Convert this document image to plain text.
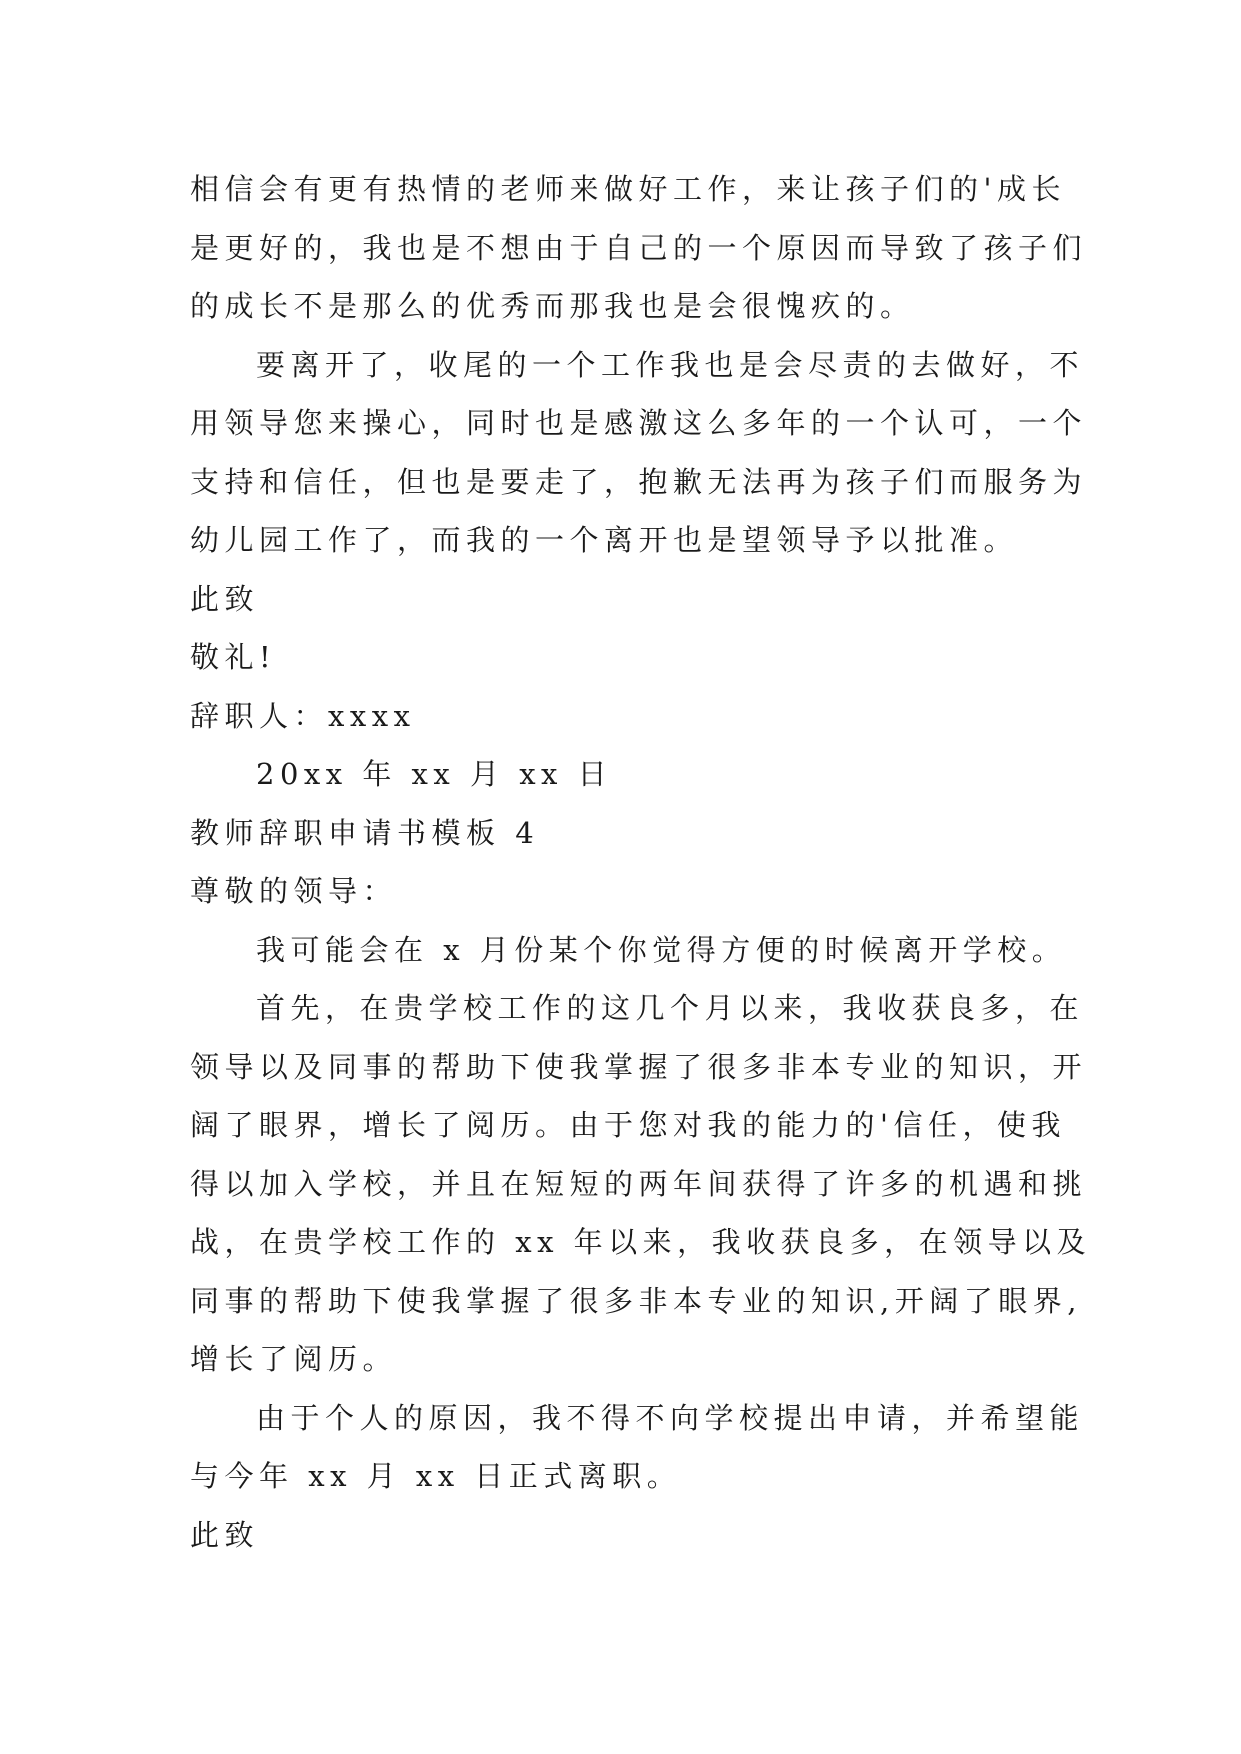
相信会有更有热情的老师来做好工作，来让孩子们的'成长

是更好的，我也是不想由于自己的一个原因而导致了孩子们

的成长不是那么的优秀而那我也是会很愧疚的。

要离开了，收尾的一个工作我也是会尽责的去做好，不

用领导您来操心，同时也是感激这么多年的一个认可，一个

支持和信任，但也是要走了，抱歉无法再为孩子们而服务为

幼儿园工作了，而我的一个离开也是望领导予以批准。

此致

敬礼!

辞职人：xxxx

20xx 年 xx 月 xx 日

教师辞职申请书模板 4

尊敬的领导：

我可能会在 x 月份某个你觉得方便的时候离开学校。

首先，在贵学校工作的这几个月以来，我收获良多，在

领导以及同事的帮助下使我掌握了很多非本专业的知识，开

阔了眼界，增长了阅历。由于您对我的能力的'信任，使我

得以加入学校，并且在短短的两年间获得了许多的机遇和挑

战，在贵学校工作的 xx 年以来，我收获良多，在领导以及

同事的帮助下使我掌握了很多非本专业的知识,开阔了眼界,

增长了阅历。

由于个人的原因，我不得不向学校提出申请，并希望能

与今年 xx 月 xx 日正式离职。

此致
